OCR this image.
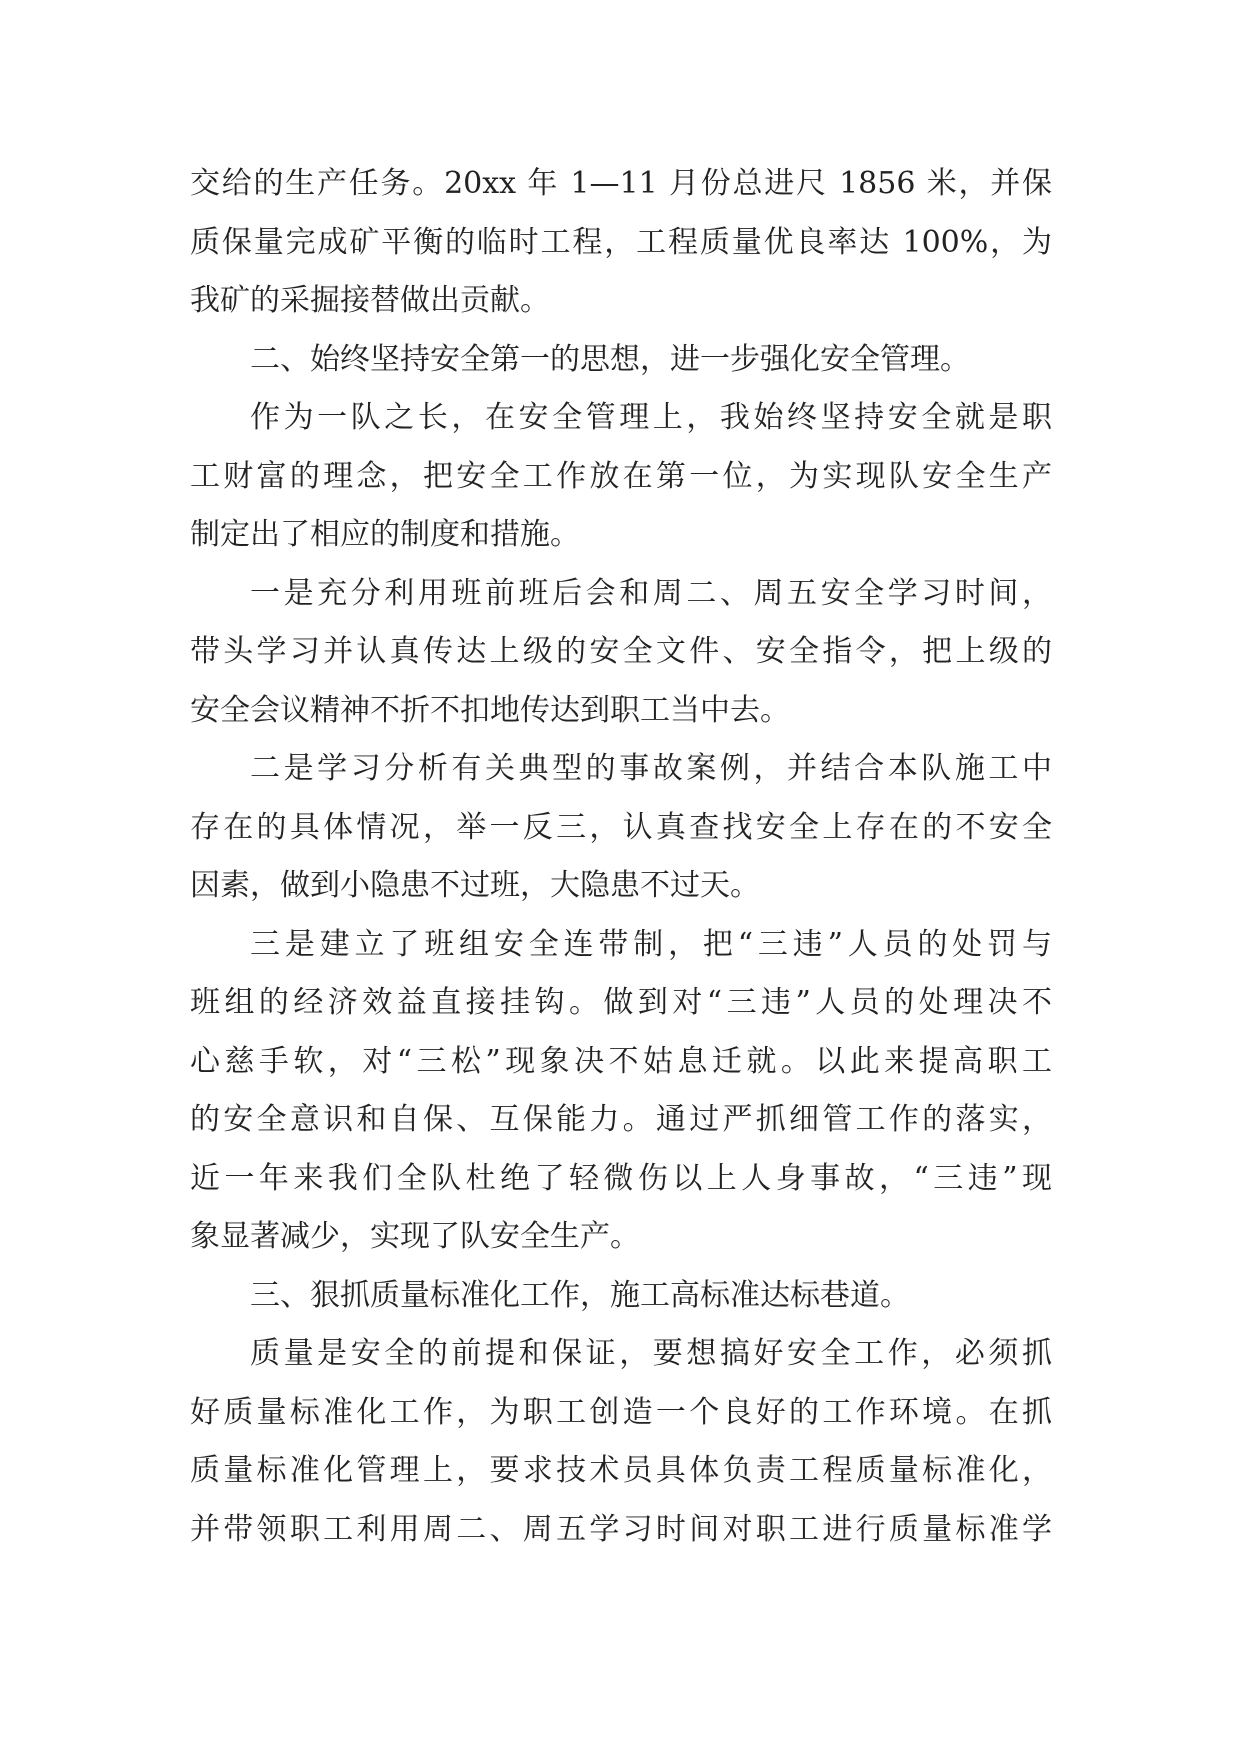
交给的生产任务。20xx 年 1—11 月份总进尺 1856 米，并保
质保量完成矿平衡的临时工程，工程质量优良率达 100%，为
我矿的采掘接替做出贡献。
二、始终坚持安全第一的思想，进一步强化安全管理。
作为一队之长，在安全管理上，我始终坚持安全就是职
工财富的理念，把安全工作放在第一位，为实现队安全生产
制定出了相应的制度和措施。
一是充分利用班前班后会和周二、周五安全学习时间，
带头学习并认真传达上级的安全文件、安全指令，把上级的
安全会议精神不折不扣地传达到职工当中去。
二是学习分析有关典型的事故案例，并结合本队施工中
存在的具体情况，举一反三，认真查找安全上存在的不安全
因素，做到小隐患不过班，大隐患不过天。
三是建立了班组安全连带制，把“三违”人员的处罚与
班组的经济效益直接挂钩。做到对“三违”人员的处理决不
心慈手软，对“三松”现象决不姑息迁就。以此来提高职工
的安全意识和自保、互保能力。通过严抓细管工作的落实，
近一年来我们全队杜绝了轻微伤以上人身事故，“三违”现
象显著减少，实现了队安全生产。
三、狠抓质量标准化工作，施工高标准达标巷道。
质量是安全的前提和保证，要想搞好安全工作，必须抓
好质量标准化工作，为职工创造一个良好的工作环境。在抓
质量标准化管理上，要求技术员具体负责工程质量标准化，
并带领职工利用周二、周五学习时间对职工进行质量标准学
